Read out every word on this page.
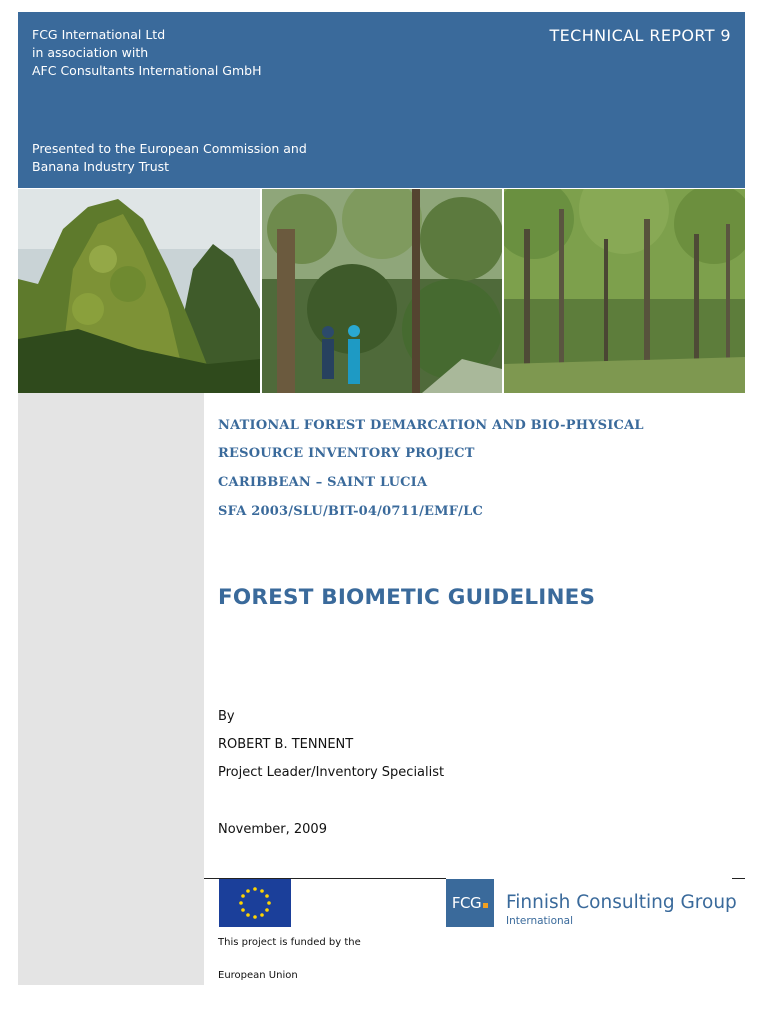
FCG International Ltd
in association with
AFC Consultants International GmbH
Presented to the European Commission and
Banana Industry Trust
TECHNICAL REPORT 9
NATIONAL FOREST DEMARCATION AND BIO-PHYSICAL
RESOURCE INVENTORY PROJECT
CARIBBEAN – SAINT LUCIA
SFA 2003/SLU/BIT-04/0711/EMF/LC
FOREST BIOMETIC GUIDELINES
By
ROBERT B. TENNENT
Project Leader/Inventory Specialist
November, 2009
This project is funded by the
European Union
FCG Finnish Consulting Group
International
